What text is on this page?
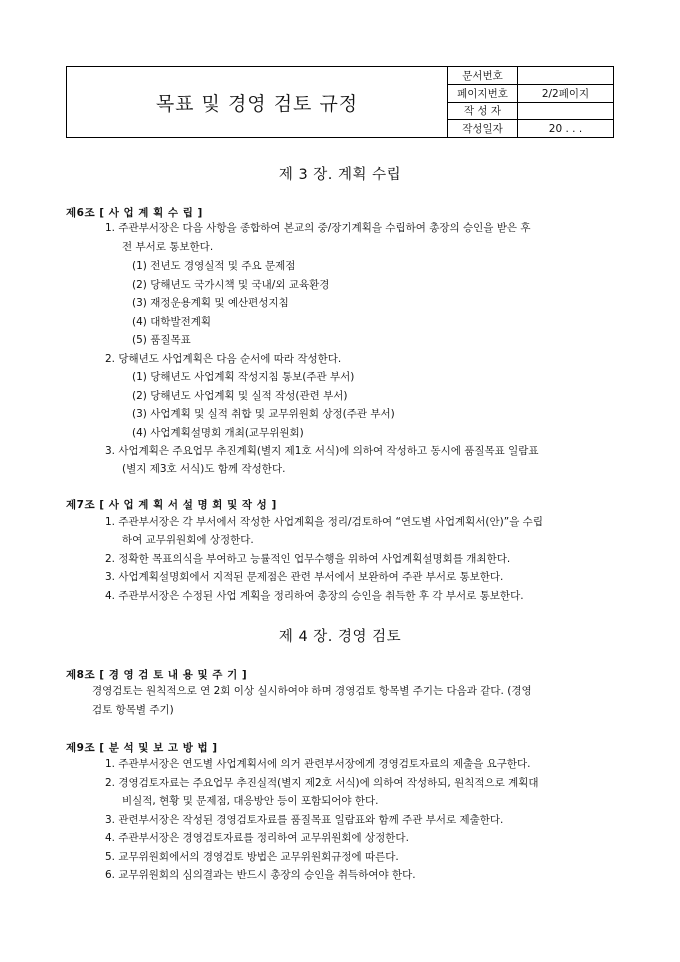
목표 및 경영 검토 규정
문서번호
페이지번호	2/2페이지
작 성 자
작성일자	20 . . .
제 3 장. 계획 수립
제6조 [ 사 업 계 획 수 립 ]
1. 주관부서장은 다음 사항을 종합하여 본교의 중/장기계획을 수립하여 총장의 승인을 받은 후
전 부서로 통보한다.
(1) 전년도 경영실적 및 주요 문제점
(2) 당해년도 국가시책 및 국내/외 교육환경
(3) 재정운용계획 및 예산편성지침
(4) 대학발전계획
(5) 품질목표
2. 당해년도 사업계획은 다음 순서에 따라 작성한다.
(1) 당해년도 사업계획 작성지침 통보(주관 부서)
(2) 당해년도 사업계획 및 실적 작성(관련 부서)
(3) 사업계획 및 실적 취합 및 교무위원회 상정(주관 부서)
(4) 사업계획설명회 개최(교무위원회)
3. 사업계획은 주요업무 추진계획(별지 제1호 서식)에 의하여 작성하고 동시에 품질목표 일람표
(별지 제3호 서식)도 함께 작성한다.
제7조 [ 사 업 계 획 서 설 명 회 및 작 성 ]
1. 주관부서장은 각 부서에서 작성한 사업계획을 정리/검토하여 “연도별 사업계획서(안)”을 수립
하여 교무위원회에 상정한다.
2. 정확한 목표의식을 부여하고 능률적인 업무수행을 위하여 사업계획설명회를 개최한다.
3. 사업계획설명회에서 지적된 문제점은 관련 부서에서 보완하여 주관 부서로 통보한다.
4. 주관부서장은 수정된 사업 계획을 정리하여 총장의 승인을 취득한 후 각 부서로 통보한다.
제 4 장. 경영 검토
제8조 [ 경 영 검 토 내 용 및 주 기 ]
경영검토는 원칙적으로 연 2회 이상 실시하여야 하며 경영검토 항목별 주기는 다음과 같다. (경영
검토 항목별 주기)
제9조 [ 분 석 및 보 고 방 법 ]
1. 주관부서장은 연도별 사업계획서에 의거 관련부서장에게 경영검토자료의 제출을 요구한다.
2. 경영검토자료는 주요업무 추진실적(별지 제2호 서식)에 의하여 작성하되, 원칙적으로 계획대
비실적, 현황 및 문제점, 대응방안 등이 포함되어야 한다.
3. 관련부서장은 작성된 경영검토자료를 품질목표 일람표와 함께 주관 부서로 제출한다.
4. 주관부서장은 경영검토자료를 정리하여 교무위원회에 상정한다.
5. 교무위원회에서의 경영검토 방법은 교무위원회규정에 따른다.
6. 교무위원회의 심의결과는 반드시 총장의 승인을 취득하여야 한다.
